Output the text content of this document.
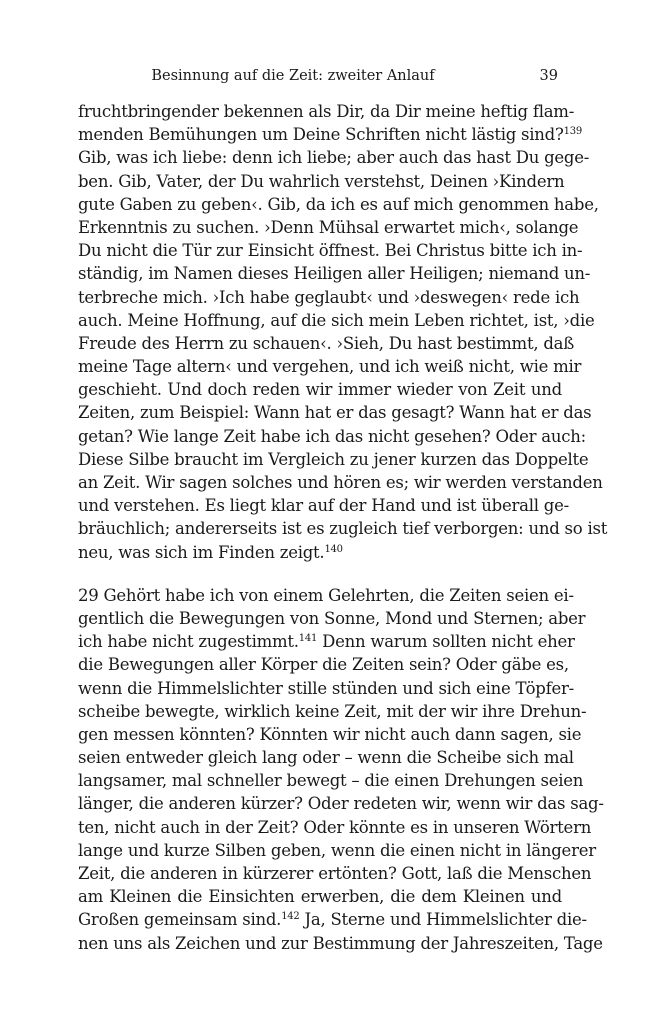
Besinnung auf die Zeit: zweiter Anlauf	39
fruchtbringender bekennen als Dir, da Dir meine heftig flam-
menden Bemühungen um Deine Schriften nicht lästig sind?$^{139}$
Gib, was ich liebe: denn ich liebe; aber auch das hast Du gege-
ben. Gib, Vater, der Du wahrlich verstehst, Deinen ›Kindern
gute Gaben zu geben‹. Gib, da ich es auf mich genommen habe,
Erkenntnis zu suchen. ›Denn Mühsal erwartet mich‹, solange
Du nicht die Tür zur Einsicht öffnest. Bei Christus bitte ich in-
ständig, im Namen dieses Heiligen aller Heiligen; niemand un-
terbreche mich. ›Ich habe geglaubt‹ und ›deswegen‹ rede ich
auch. Meine Hoffnung, auf die sich mein Leben richtet, ist, ›die
Freude des Herrn zu schauen‹. ›Sieh, Du hast bestimmt, daß
meine Tage altern‹ und vergehen, und ich weiß nicht, wie mir
geschieht. Und doch reden wir immer wieder von Zeit und
Zeiten, zum Beispiel: Wann hat er das gesagt? Wann hat er das
getan? Wie lange Zeit habe ich das nicht gesehen? Oder auch:
Diese Silbe braucht im Vergleich zu jener kurzen das Doppelte
an Zeit. Wir sagen solches und hören es; wir werden verstanden
und verstehen. Es liegt klar auf der Hand und ist überall ge-
bräuchlich; andererseits ist es zugleich tief verborgen: und so ist
neu, was sich im Finden zeigt.$^{140}$
29 Gehört habe ich von einem Gelehrten, die Zeiten seien ei-
gentlich die Bewegungen von Sonne, Mond und Sternen; aber
ich habe nicht zugestimmt.$^{141}$ Denn warum sollten nicht eher
die Bewegungen aller Körper die Zeiten sein? Oder gäbe es,
wenn die Himmelslichter stille stünden und sich eine Töpfer-
scheibe bewegte, wirklich keine Zeit, mit der wir ihre Drehun-
gen messen könnten? Könnten wir nicht auch dann sagen, sie
seien entweder gleich lang oder – wenn die Scheibe sich mal
langsamer, mal schneller bewegt – die einen Drehungen seien
länger, die anderen kürzer? Oder redeten wir, wenn wir das sag-
ten, nicht auch in der Zeit? Oder könnte es in unseren Wörtern
lange und kurze Silben geben, wenn die einen nicht in längerer
Zeit, die anderen in kürzerer ertönten? Gott, laß die Menschen
am Kleinen die Einsichten erwerben, die dem Kleinen und
Großen gemeinsam sind.$^{142}$ Ja, Sterne und Himmelslichter die-
nen uns als Zeichen und zur Bestimmung der Jahreszeiten, Tage
